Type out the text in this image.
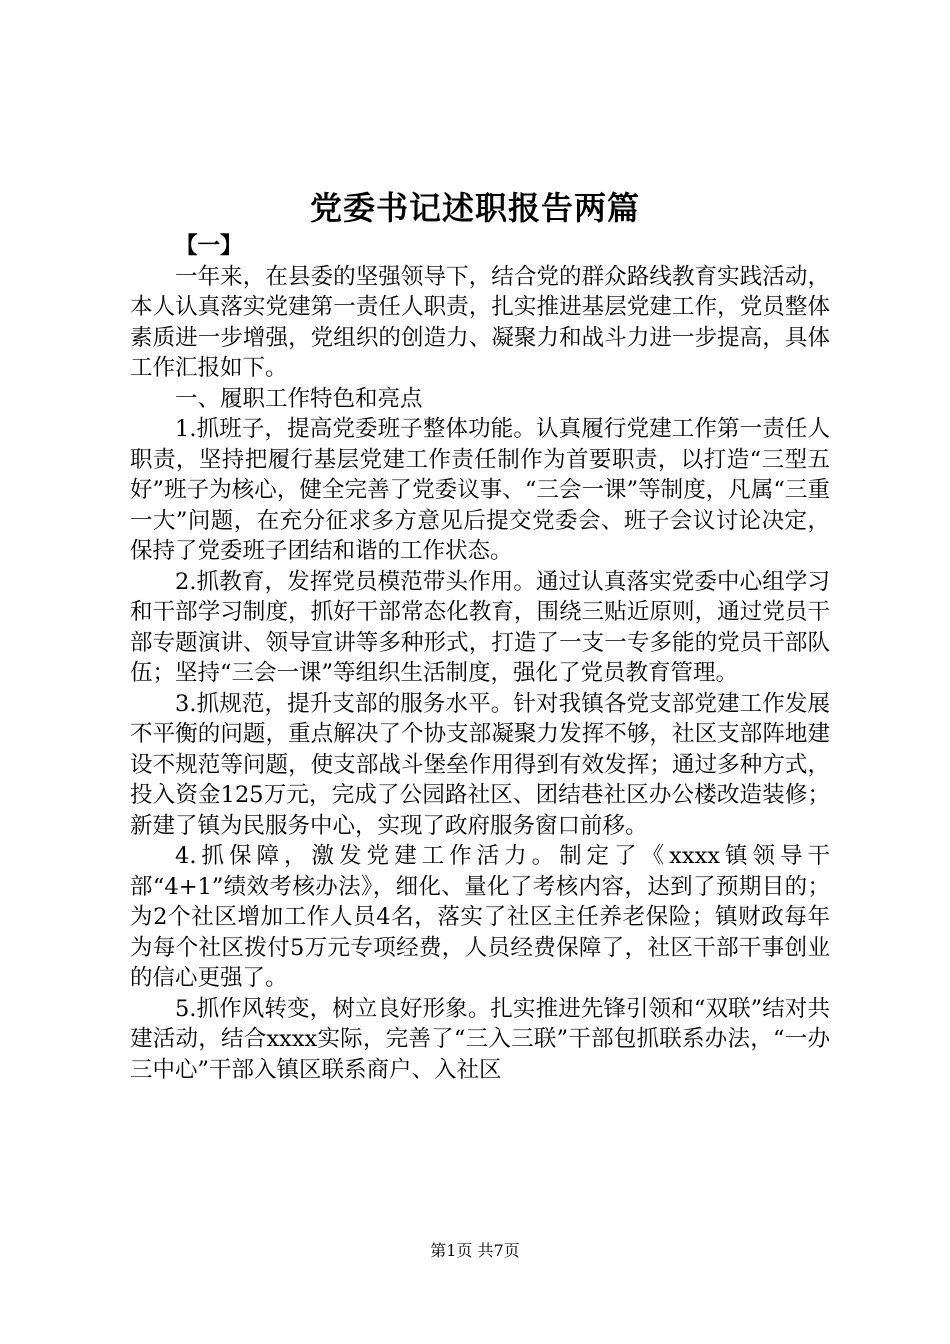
党委书记述职报告两篇

【一】

一年来，在县委的坚强领导下，结合党的群众路线教育实践活动，本人认真落实党建第一责任人职责，扎实推进基层党建工作，党员整体素质进一步增强，党组织的创造力、凝聚力和战斗力进一步提高，具体工作汇报如下。

一、履职工作特色和亮点

1.抓班子，提高党委班子整体功能。认真履行党建工作第一责任人职责，坚持把履行基层党建工作责任制作为首要职责，以打造“三型五好”班子为核心，健全完善了党委议事、“三会一课”等制度，凡属“三重一大”问题，在充分征求多方意见后提交党委会、班子会议讨论决定，保持了党委班子团结和谐的工作状态。

2.抓教育，发挥党员模范带头作用。通过认真落实党委中心组学习和干部学习制度，抓好干部常态化教育，围绕三贴近原则，通过党员干部专题演讲、领导宣讲等多种形式，打造了一支一专多能的党员干部队伍；坚持“三会一课”等组织生活制度，强化了党员教育管理。

3.抓规范，提升支部的服务水平。针对我镇各党支部党建工作发展不平衡的问题，重点解决了个协支部凝聚力发挥不够，社区支部阵地建设不规范等问题，使支部战斗堡垒作用得到有效发挥；通过多种方式，投入资金125万元，完成了公园路社区、团结巷社区办公楼改造装修；新建了镇为民服务中心，实现了政府服务窗口前移。

4.抓保障，激发党建工作活力。制定了《xxxx镇领导干部“4+1”绩效考核办法》，细化、量化了考核内容，达到了预期目的；为2个社区增加工作人员4名，落实了社区主任养老保险；镇财政每年为每个社区拨付5万元专项经费，人员经费保障了，社区干部干事创业的信心更强了。

5.抓作风转变，树立良好形象。扎实推进先锋引领和“双联”结对共建活动，结合xxxx实际，完善了“三入三联”干部包抓联系办法，“一办三中心”干部入镇区联系商户、入社区

第1页 共7页
